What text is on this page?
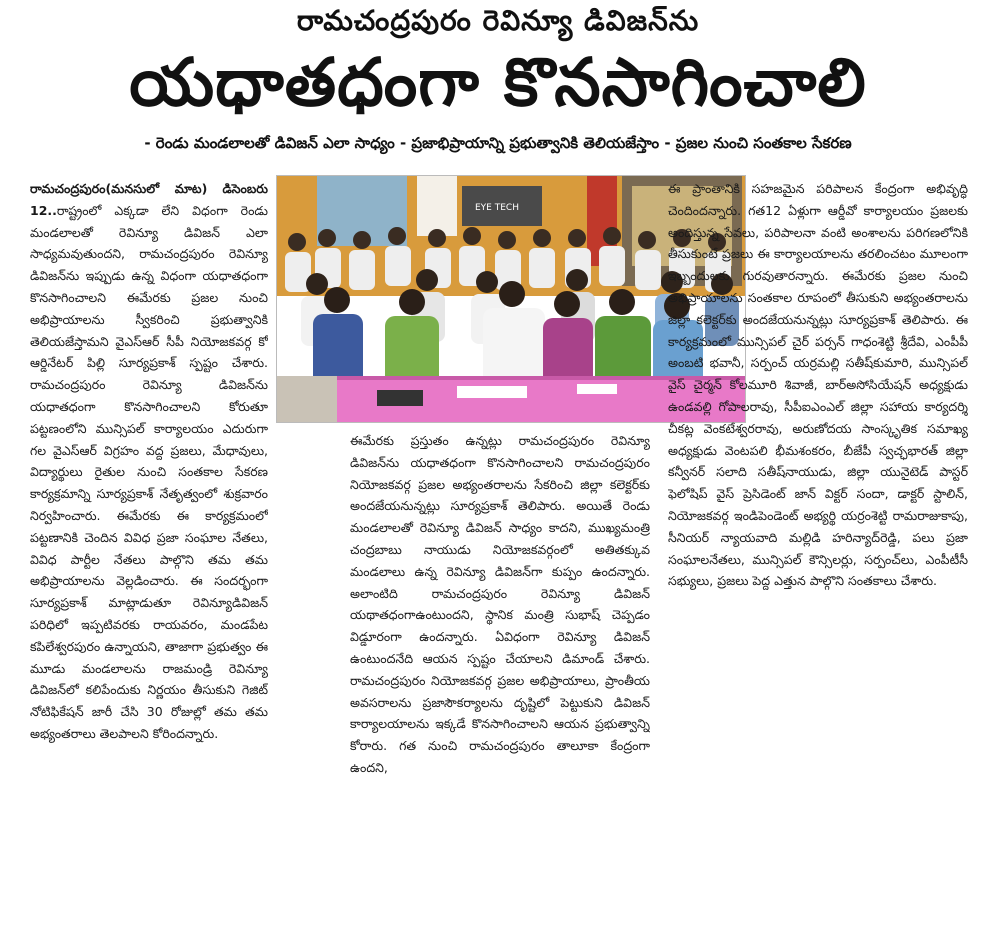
రామచంద్రపురం రెవిన్యూ డివిజన్‌ను
యధాతధంగా కొనసాగించాలి
- రెండు మండలాలతో డివిజన్ ఎలా సాధ్యం - ప్రజాభిప్రాయాన్ని ప్రభుత్వానికి తెలియజేస్తాం - ప్రజల నుంచి సంతకాల సేకరణ

రామచంద్రపురం(మనసులో మాట) డిసెంబరు 12..రాష్ట్రంలో ఎక్కడా లేని విధంగా రెండు మండలాలతో రెవిన్యూ డివిజన్ ఎలా సాధ్యమవుతుందని, రామచంద్రపురం రెవిన్యూ డివిజన్‌ను ఇప్పుడు ఉన్న విధంగా యధాతధంగా కొనసాగించాలని ఈమేరకు ప్రజల నుంచి అభిప్రాయాలను స్వీకరించి ప్రభుత్వానికి తెలియజేస్తామని వైఎస్ఆర్ సీపీ నియోజకవర్గ కో ఆర్డినేటర్ పిల్లి సూర్యప్రకాశ్ స్పష్టం చేశారు. రామచంద్రపురం రెవిన్యూ డివిజన్‌ను యధాతధంగా కొనసాగించాలని కోరుతూ పట్టణంలోని మున్సిపల్ కార్యాలయం ఎదురుగా గల వైఎస్ఆర్ విగ్రహం వద్ద ప్రజలు, మేధావులు, విద్యార్థులు రైతుల నుంచి సంతకాల సేకరణ కార్యక్రమాన్ని సూర్యప్రకాశ్ నేతృత్వంలో శుక్రవారం నిర్వహించారు. ఈమేరకు ఈ కార్యక్రమంలో పట్టణానికి చెందిన వివిధ ప్రజా సంఘాల నేతలు, వివిధ పార్టీల నేతలు పాల్గొని తమ తమ అభిప్రాయాలను వెల్లడించారు. ఈ సందర్భంగా సూర్యప్రకాశ్ మాట్లాడుతూ రెవిన్యూడివిజన్ పరిధిలో ఇప్పటివరకు రాయవరం, మండపేట కపిలేశ్వరపురం ఉన్నాయని, తాజాగా ప్రభుత్వం ఈ మూడు మండలాలను రాజమండ్రి రెవిన్యూ డివిజన్‌లో కలిపేందుకు నిర్ణయం తీసుకుని గెజిట్ నోటిఫికేషన్ జారీ చేసి 30 రోజుల్లో తమ తమ అభ్యంతరాలు తెలపాలని కోరిందన్నారు.

EYE TECH

ఈమేరకు ప్రస్తుతం ఉన్నట్లు రామచంద్రపురం రెవిన్యూ డివిజన్‌ను యధాతధంగా కొనసాగించాలని రామచంద్రపురం నియోజకవర్గ ప్రజల అభ్యంతరాలను సేకరించి జిల్లా కలెక్టర్‌కు అందజేయనున్నట్లు సూర్యప్రకాశ్ తెలిపారు. అయితే రెండు మండలాలతో రెవిన్యూ డివిజన్ సాధ్యం కాదని, ముఖ్యమంత్రి చంద్రబాబు నాయుడు నియోజకవర్గంలో అతితక్కువ మండలాలు ఉన్న రెవిన్యూ డివిజన్‌గా కుప్పం ఉందన్నారు. అలాంటిది రామచంద్రపురం రెవిన్యూ డివిజన్ యథాతధంగాఉంటుందని, స్థానిక మంత్రి సుభాష్ చెప్పడం విడ్డూరంగా ఉందన్నారు. ఏవిధంగా రెవిన్యూ డివిజన్ ఉంటుందనేది ఆయన స్పష్టం చేయాలని డిమాండ్ చేశారు. రామచంద్రపురం నియోజకవర్గ ప్రజల అభిప్రాయాలు, ప్రాంతీయ అవసరాలను ప్రజాసౌకర్యాలను దృష్టిలో పెట్టుకుని డివిజన్ కార్యాలయాలను ఇక్కడే కొనసాగించాలని ఆయన ప్రభుత్వాన్ని కోరారు. గత నుంచి రామచంద్రపురం తాలూకా కేంద్రంగా ఉందని,

ఈ ప్రాంతానికి సహజమైన పరిపాలన కేంద్రంగా అభివృద్ధి చెందిందన్నారు. గత12 ఏళ్లుగా ఆర్డీవో కార్యాలయం ప్రజలకు అందిస్తున్న సేవలు, పరిపాలనా వంటి అంశాలను పరిగణలోనికి తీసుకుంటే ప్రజలు ఈ కార్యాలయాలను తరలించటం మూలంగా ఇబ్బందులకు గురవుతారన్నారు. ఈమేరకు ప్రజల నుంచి అభిప్రాయాలను సంతకాల రూపంలో తీసుకుని అభ్యంతరాలను జిల్లా కలెక్టర్‌కు అందజేయనున్నట్లు సూర్యప్రకాశ్ తెలిపారు. ఈ కార్యక్రమంలో మున్సిపల్ చైర్ పర్సన్ గాధంశెట్టి శ్రీదేవి, ఎంపీపీ అంబటి భవానీ, సర్పంచ్ యర్రమల్లి సతీష్‌కుమారి, మున్సిపల్ వైస్ చైర్మన్ కోలమూరి శివాజీ, బార్అసోసియేషన్ అధ్యక్షుడు ఉండవల్లి గోపాలరావు, సీపీఐఎంఎల్ జిల్లా సహాయ కార్యదర్శి చీకట్ల వెంకటేశ్వరరావు, అరుణోదయ సాంస్కృతిక సమాఖ్య అధ్యక్షుడు వెంటపలి భీమశంకరం, బీజేపీ స్వచ్ఛభారత్ జిల్లా కన్వీనర్ సలాది సతీష్‌నాయుడు, జిల్లా యునైటెడ్ పాస్టర్ ఫెలోషిప్ వైస్ ప్రెసిడెంట్ జాన్ విక్టర్ సందా, డాక్టర్ స్టాలిన్, నియోజకవర్గ ఇండిపెండెంట్ అభ్యర్థి యర్రంశెట్టి రామరాజుకాపు, సీనియర్ న్యాయవాది మల్లిడి హరిన్యాద్‌రెడ్డి, పలు ప్రజా సంఘాలనేతలు, మున్సిపల్ కౌన్సిలర్లు, సర్పంచ్‌లు, ఎంపీటీసీ సభ్యులు, ప్రజలు పెద్ద ఎత్తున పాల్గొని సంతకాలు చేశారు.
